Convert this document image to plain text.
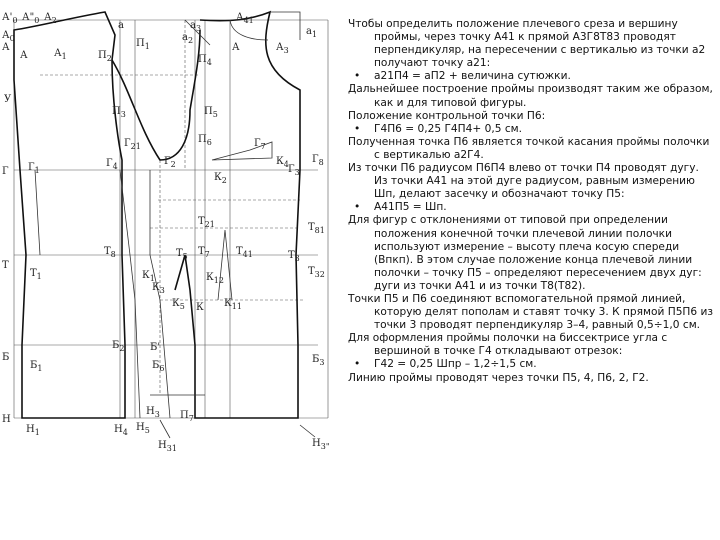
$А'_0$ $А"_0$ $А_2$	а	$а_3$
$А_{41}$
$а_1$
$А_0$
А
А	$А_1$	$П_2$
$П_1$
$а_2$
$П_4$
А	$А_3$
У
$П_3$	$П_5$
$Г_{21}$
$П_6$	$Г_7$
Г $Г_1$
$Г_4$	$Г_2$	$Г_3$
$Г_8$
$К_4$
$К_2$
$Т_{21}$	$Т_{81}$
$Т_8$
Т
$Т_1$
$Т_5$ $Т_7$	$Т_{41}$	$Т_3$
$Т_{32}$
$К_1$	$К_{12}$
$К_{11}$
$К_3$
$К_5$ К
Б
$Б_1$
$Б_2$	Б'
$Б_6$
$Б_3$
Н
$Н_1$	$Н_4$ $Н_5$
$П_7$
$Н_3$
$Н_{31}$	$Н_{3"}$

Чтобы определить положение плечевого среза и вершину проймы, через точку А41 к прямой А3Г8Т83 проводят перпендикуляр, на пересечении с вертикалью из точки а2 получают точку а21:

• а21П4 = аП2 + величина сутюжки.

Дальнейшее построение проймы производят таким же образом, как и для типовой фигуры.

Положение контрольной точки П6:

• Г4П6 = 0,25 Г4П4+ 0,5 см.

Полученная точка П6 является точкой касания проймы полочки с вертикалью а2Г4.

Из точки П6 радиусом П6П4 влево от точки П4 проводят дугу. Из точки А41 на этой дуге радиусом, равным измерению Шп, делают засечку и обозначают точку П5:

• А41П5 = Шп.

Для фигур с отклонениями от типовой при определении положения конечной точки плечевой линии полочки используют измерение – высоту плеча косую спереди (Впкп). В этом случае положение конца плечевой линии полочки – точку П5 – определяют пересечением двух дуг: дуги из точки А41 и из точки Т8(Т82).

Точки П5 и П6 соединяют вспомогательной прямой линией, которую делят пополам и ставят точку 3. К прямой П5П6 из точки 3 проводят перпендикуляр 3–4, равный 0,5÷1,0 см.

Для оформления проймы полочки на биссектрисе угла с вершиной в точке Г4 откладывают отрезок:

• Г42 = 0,25 Шпр – 1,2÷1,5 см.

Линию проймы проводят через точки П5, 4, П6, 2, Г2.
